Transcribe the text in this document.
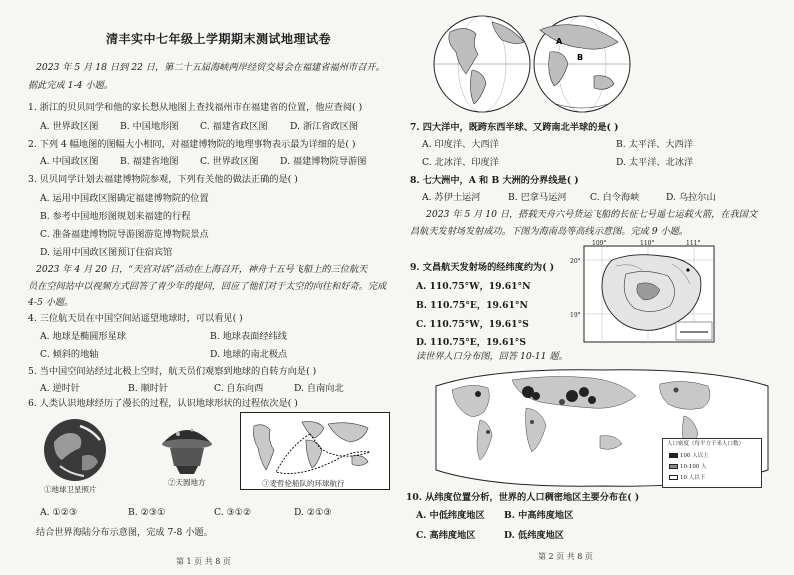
清丰实中七年级上学期期末测试地理试卷
2023 年 5 月 18 日到 22 日，第二十五届海峡两岸经贸交易会在福建省福州市召开。
据此完成 1-4 小题。
1. 浙江的贝贝同学和他的家长想从地图上查找福州市在福建省的位置，他应查阅( )
A. 世界政区图 B. 中国地形图 C. 福建省政区图 D. 浙江省政区图
2. 下列 4 幅地图的图幅大小相同，对福建博物院的地理事物表示最为详细的是( )
A. 中国政区图 B. 福建省地图 C. 世界政区图 D. 福建博物院导游图
3. 贝贝同学计划去福建博物院参观，下列有关他的做法正确的是( )
A. 运用中国政区图确定福建博物院的位置
B. 参考中国地形图规划来福建的行程
C. 准备福建博物院导游图游览博物院景点
D. 运用中国政区图预订住宿宾馆
2023 年 4 月 20 日，“天宫对话”活动在上海召开，神舟十五号飞船上的三位航天
员在空间站中以视频方式回答了青少年的提问，回应了他们对于太空的向往和好奇。完成
4-5 小题。
4. 三位航天员在中国空间站遥望地球时，可以看见( )
A. 地球是椭圆形星球	B. 地球表面经纬线
C. 倾斜的地轴	D. 地球的南北极点
5. 当中国空间站经过北极上空时，航天员们观察到地球的自转方向是( )
A. 逆时针	B. 顺时针	C. 自东向西	D. 自南向北
6. 人类认识地球经历了漫长的过程，认识地球形状的过程依次是( )
①地球卫星照片
②天圆地方	③麦哲伦船队的环球航行
A. ①②③	B. ②③①	C. ③①②	D. ②①③
结合世界海陆分布示意图，完成 7-8 小题。
第 1 页 共 8 页
A
B
7. 四大洋中，既跨东西半球、又跨南北半球的是( )
A. 印度洋、大西洋	B. 太平洋、大西洋
C. 北冰洋、印度洋	D. 太平洋、北冰洋
8. 七大洲中，A 和 B 大洲的分界线是( )
A. 苏伊士运河	B. 巴拿马运河	C. 白令海峡	D. 乌拉尔山
2023 年 5 月 10 日，搭载天舟六号货运飞船的长征七号遥七运载火箭，在我国文
昌航天发射场发射成功。下图为海南岛等高线示意图。完成 9 小题。
109°	110°	111°
20°
19°
9. 文昌航天发射场的经纬度约为( )
A. 110.75°W，19.61°N
B. 110.75°E，19.61°N
C. 110.75°W，19.61°S
D. 110.75°E，19.61°S
读世界人口分布图，回答 10-11 题。
人口密度（每平方千米人口数）
100 人以上
10-100 人
10 人以下
10. 从纬度位置分析，世界的人口稠密地区主要分布在( )
A. 中低纬度地区 B. 中高纬度地区
C. 高纬度地区	D. 低纬度地区
第 2 页 共 8 页
